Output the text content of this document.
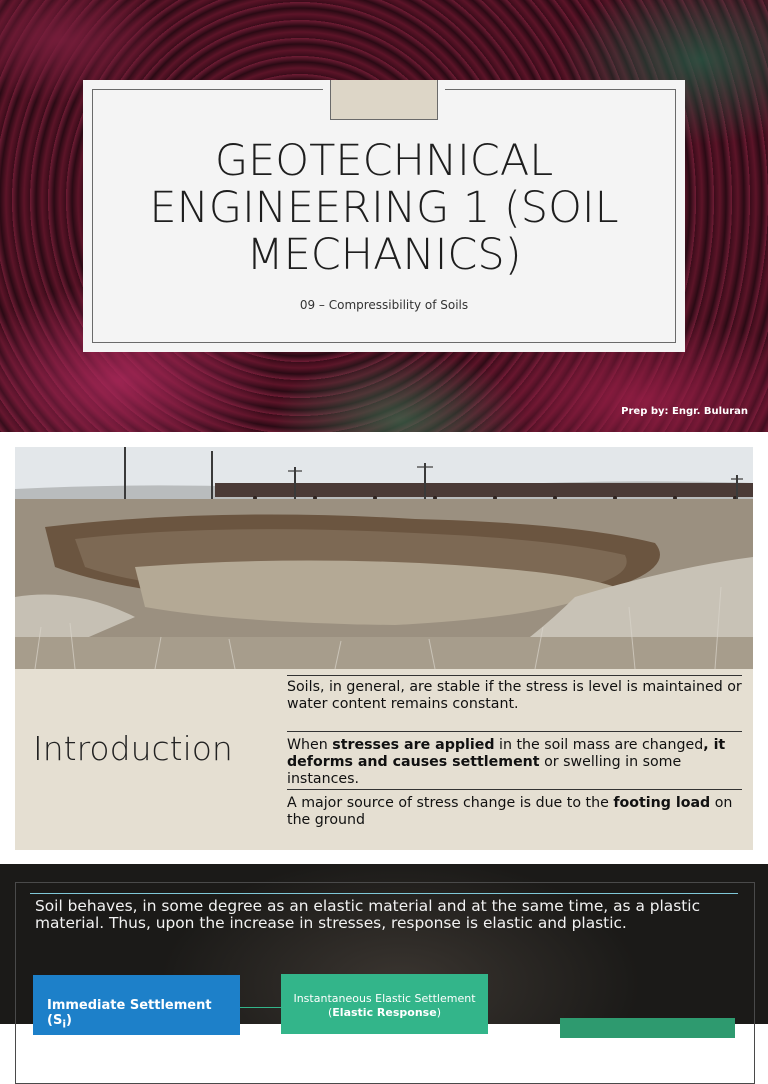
GEOTECHNICAL ENGINEERING 1 (SOIL MECHANICS)
09 – Compressibility of Soils
Prep by: Engr. Buluran
Introduction
Soils, in general, are stable if the stress is level is maintained or water content remains constant.
When stresses are applied in the soil mass are changed, it deforms and causes settlement or swelling in some instances.
A major source of stress change is due to the footing load on the ground
Soil behaves, in some degree as an elastic material and at the same time, as a plastic material. Thus, upon the increase in stresses, response is elastic and plastic.
Immediate Settlement $(S_i)$
Instantaneous Elastic Settlement
(Elastic Response)
